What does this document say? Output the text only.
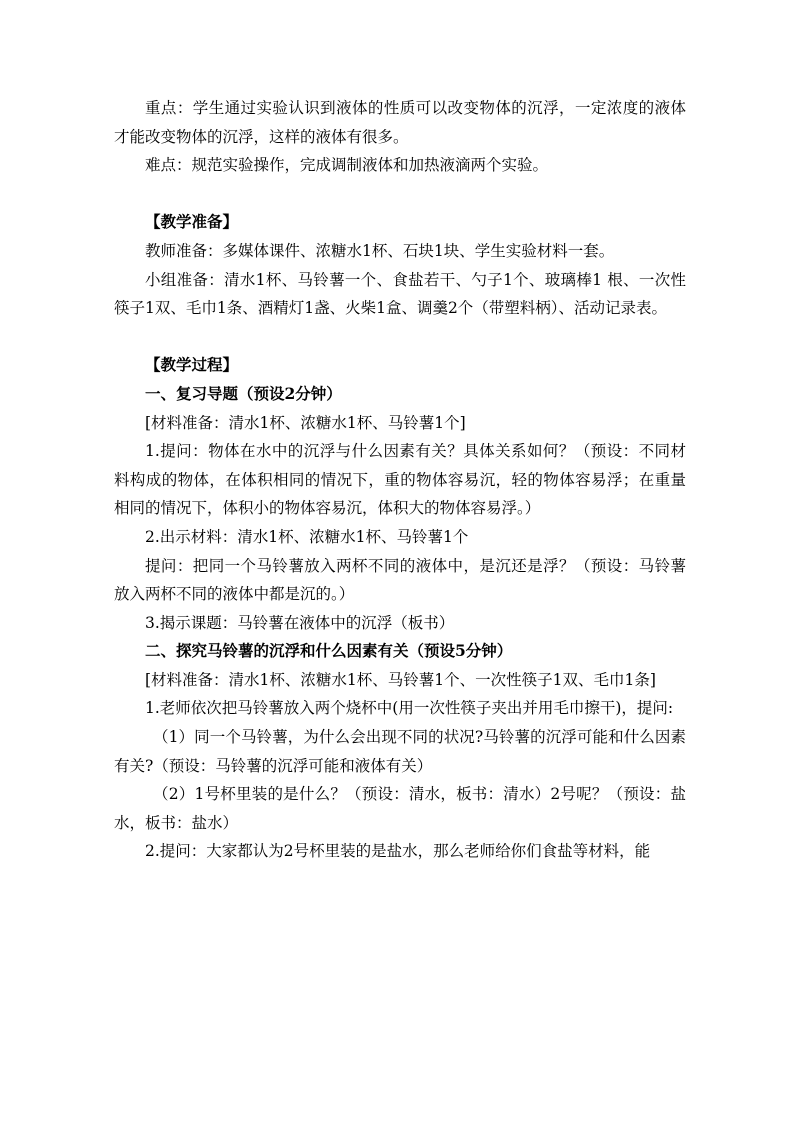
重点：学生通过实验认识到液体的性质可以改变物体的沉浮，一定浓度的液体才能改变物体的沉浮，这样的液体有很多。

难点：规范实验操作，完成调制液体和加热液滴两个实验。

【教学准备】

教师准备：多媒体课件、浓糖水1杯、石块1块、学生实验材料一套。

小组准备：清水1杯、马铃薯一个、食盐若干、勺子1个、玻璃棒1 根、一次性筷子1双、毛巾1条、酒精灯1盏、火柴1盒、调羹2个（带塑料柄）、活动记录表。

【教学过程】

一、复习导题（预设2分钟）

[材料准备：清水1杯、浓糖水1杯、马铃薯1个]

1.提问：物体在水中的沉浮与什么因素有关？具体关系如何？（预设：不同材料构成的物体，在体积相同的情况下，重的物体容易沉，轻的物体容易浮；在重量相同的情况下，体积小的物体容易沉，体积大的物体容易浮。）

2.出示材料：清水1杯、浓糖水1杯、马铃薯1个

提问：把同一个马铃薯放入两杯不同的液体中，是沉还是浮？（预设：马铃薯放入两杯不同的液体中都是沉的。）

3.揭示课题：马铃薯在液体中的沉浮（板书）

二、探究马铃薯的沉浮和什么因素有关（预设5分钟）

[材料准备：清水1杯、浓糖水1杯、马铃薯1个、一次性筷子1双、毛巾1条]

1.老师依次把马铃薯放入两个烧杯中(用一次性筷子夹出并用毛巾擦干)，提问:

（1）同一个马铃薯，为什么会出现不同的状况?马铃薯的沉浮可能和什么因素有关?（预设：马铃薯的沉浮可能和液体有关）

（2）1号杯里装的是什么？（预设：清水，板书：清水）2号呢？（预设：盐水，板书：盐水）

2.提问：大家都认为2号杯里装的是盐水，那么老师给你们食盐等材料，能
